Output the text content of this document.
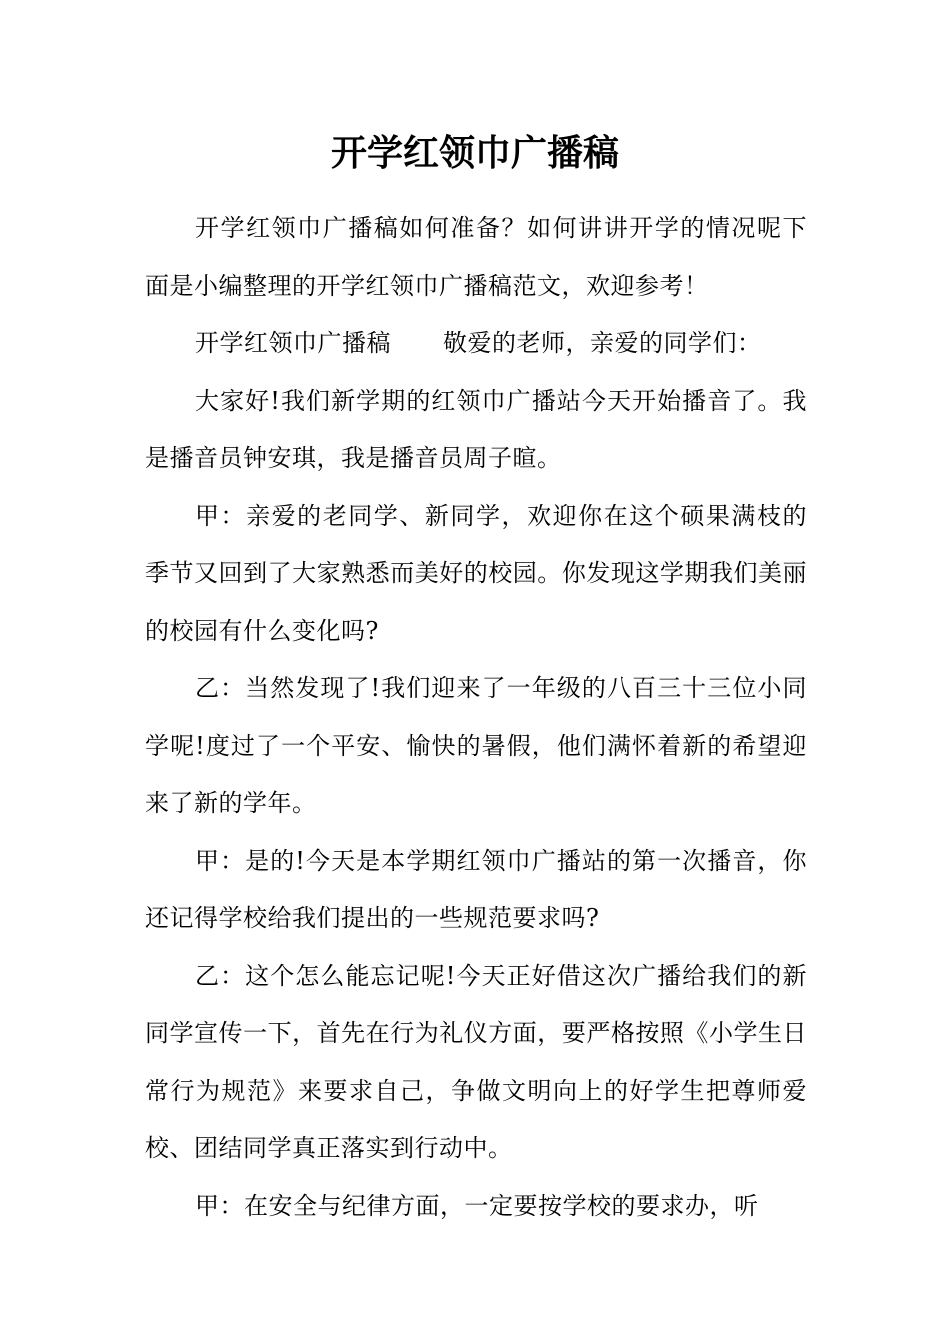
开学红领巾广播稿

开学红领巾广播稿如何准备？如何讲讲开学的情况呢下面是小编整理的开学红领巾广播稿范文，欢迎参考！

开学红领巾广播稿 敬爱的老师，亲爱的同学们：

大家好!我们新学期的红领巾广播站今天开始播音了。我是播音员钟安琪，我是播音员周子暄。

甲：亲爱的老同学、新同学，欢迎你在这个硕果满枝的季节又回到了大家熟悉而美好的校园。你发现这学期我们美丽的校园有什么变化吗?

乙：当然发现了!我们迎来了一年级的八百三十三位小同学呢!度过了一个平安、愉快的暑假，他们满怀着新的希望迎来了新的学年。

甲：是的!今天是本学期红领巾广播站的第一次播音，你还记得学校给我们提出的一些规范要求吗?

乙：这个怎么能忘记呢!今天正好借这次广播给我们的新同学宣传一下，首先在行为礼仪方面，要严格按照《小学生日常行为规范》来要求自己，争做文明向上的好学生把尊师爱校、团结同学真正落实到行动中。

甲：在安全与纪律方面，一定要按学校的要求办，听
